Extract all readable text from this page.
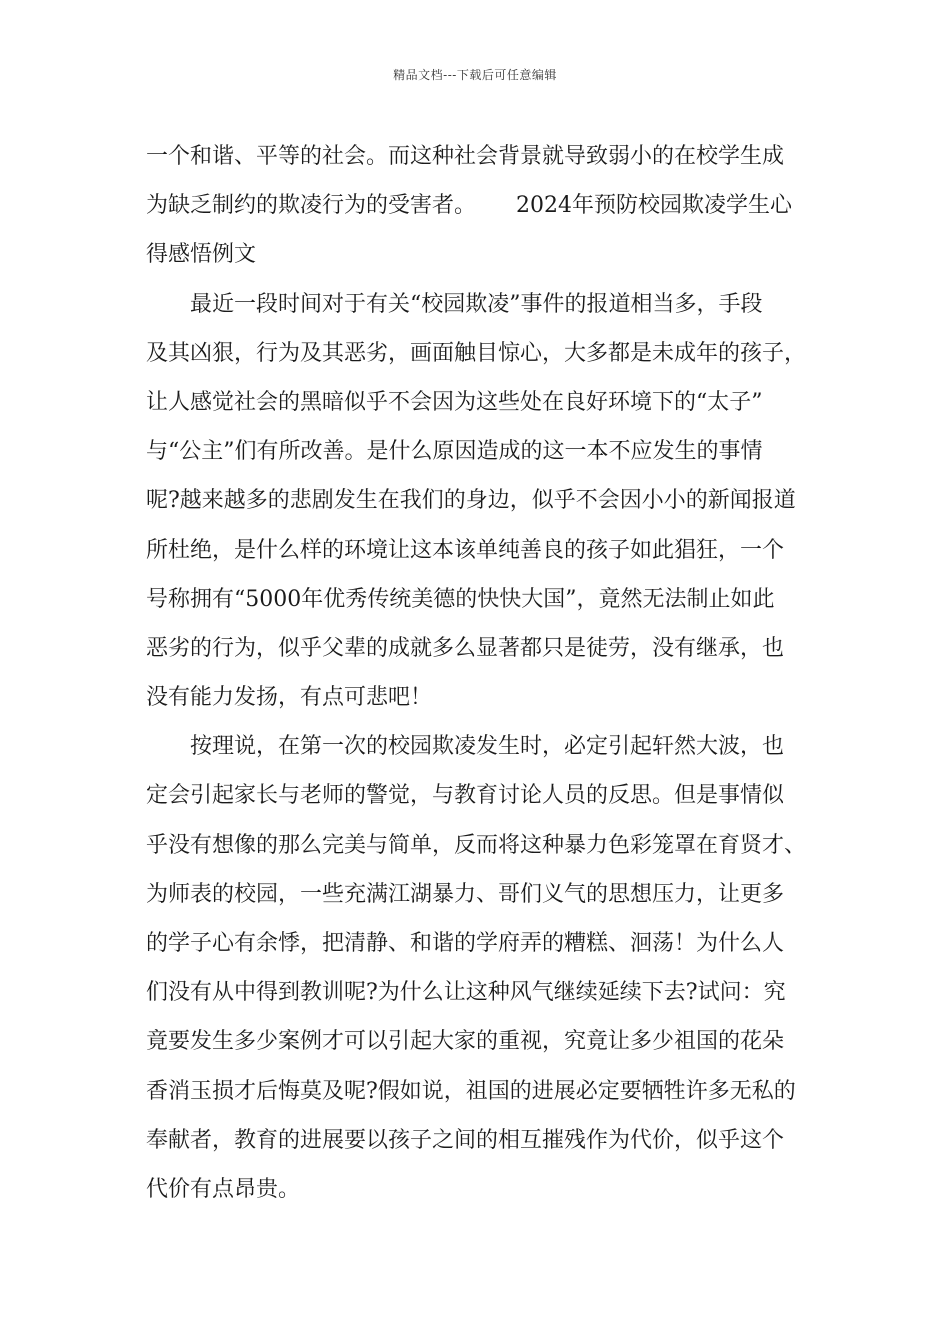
精品文档---下载后可任意编辑
一个和谐、平等的社会。而这种社会背景就导致弱小的在校学生成
为缺乏制约的欺凌行为的受害者。 2024年预防校园欺凌学生心
得感悟例文
最近一段时间对于有关“校园欺凌”事件的报道相当多，手段
及其凶狠，行为及其恶劣，画面触目惊心，大多都是未成年的孩子，
让人感觉社会的黑暗似乎不会因为这些处在良好环境下的“太子”
与“公主”们有所改善。是什么原因造成的这一本不应发生的事情
呢?越来越多的悲剧发生在我们的身边，似乎不会因小小的新闻报道
所杜绝，是什么样的环境让这本该单纯善良的孩子如此猖狂，一个
号称拥有“5000年优秀传统美德的快快大国”，竟然无法制止如此
恶劣的行为，似乎父辈的成就多么显著都只是徒劳，没有继承，也
没有能力发扬，有点可悲吧！
按理说，在第一次的校园欺凌发生时，必定引起轩然大波，也
定会引起家长与老师的警觉，与教育讨论人员的反思。但是事情似
乎没有想像的那么完美与简单，反而将这种暴力色彩笼罩在育贤才、
为师表的校园，一些充满江湖暴力、哥们义气的思想压力，让更多
的学子心有余悸，把清静、和谐的学府弄的糟糕、洄荡！为什么人
们没有从中得到教训呢?为什么让这种风气继续延续下去?试问：究
竟要发生多少案例才可以引起大家的重视，究竟让多少祖国的花朵
香消玉损才后悔莫及呢?假如说，祖国的进展必定要牺牲许多无私的
奉献者，教育的进展要以孩子之间的相互摧残作为代价，似乎这个
代价有点昂贵。
